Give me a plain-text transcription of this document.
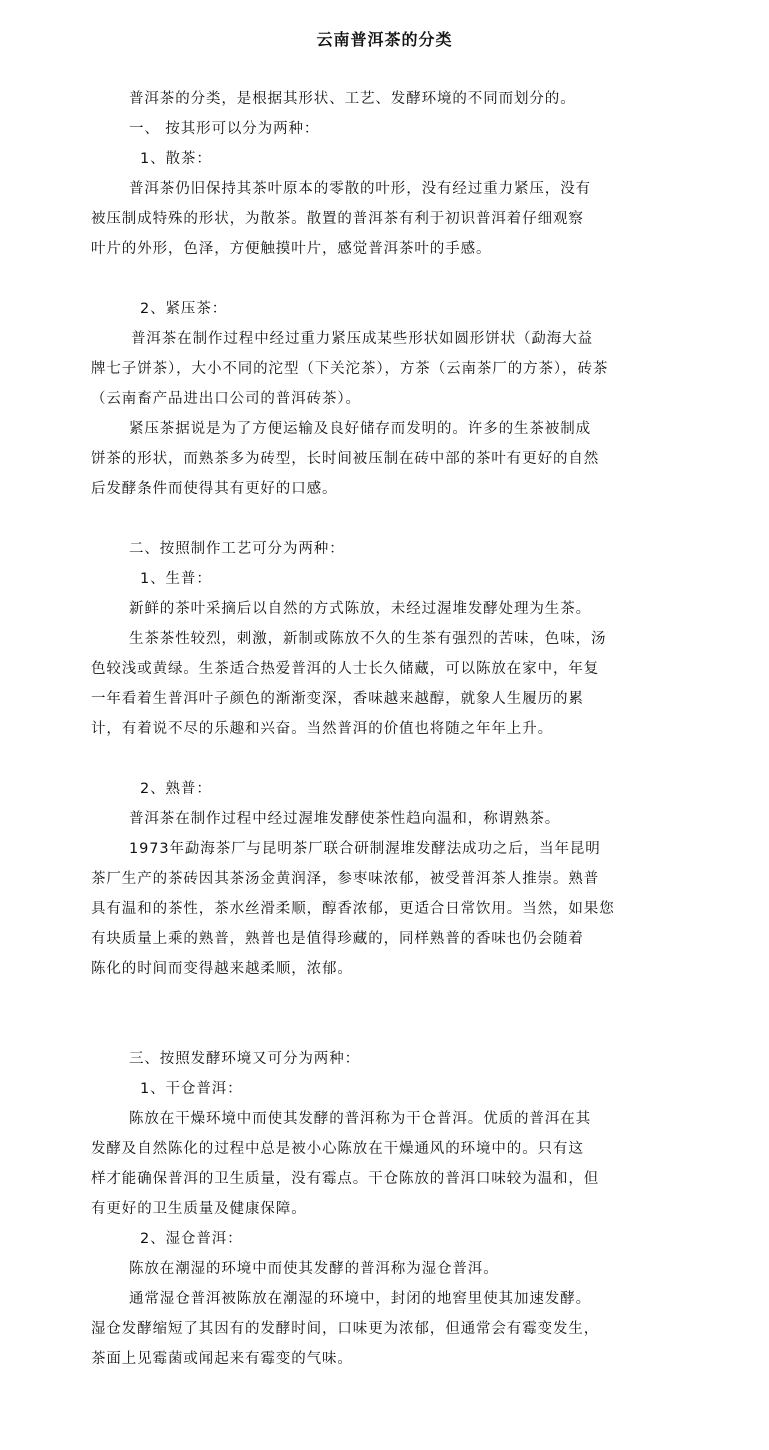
云南普洱茶的分类
普洱茶的分类，是根据其形状、工艺、发酵环境的不同而划分的。
一、 按其形可以分为两种：
1、散茶：
普洱茶仍旧保持其茶叶原本的零散的叶形，没有经过重力紧压，没有
被压制成特殊的形状，为散茶。散置的普洱茶有利于初识普洱着仔细观察
叶片的外形，色泽，方便触摸叶片，感觉普洱茶叶的手感。
2、紧压茶：
普洱茶在制作过程中经过重力紧压成某些形状如圆形饼状（勐海大益
牌七子饼茶），大小不同的沱型（下关沱茶），方茶（云南茶厂的方茶），砖茶
（云南畜产品进出口公司的普洱砖茶）。
紧压茶据说是为了方便运输及良好储存而发明的。许多的生茶被制成
饼茶的形状，而熟茶多为砖型，长时间被压制在砖中部的茶叶有更好的自然
后发酵条件而使得其有更好的口感。
二、按照制作工艺可分为两种：
1、生普：
新鲜的茶叶采摘后以自然的方式陈放，未经过渥堆发酵处理为生茶。
生茶茶性较烈，刺激，新制或陈放不久的生茶有强烈的苦味，色味，汤
色较浅或黄绿。生茶适合热爱普洱的人士长久储藏，可以陈放在家中，年复
一年看着生普洱叶子颜色的渐渐变深，香味越来越醇，就象人生履历的累
计，有着说不尽的乐趣和兴奋。当然普洱的价值也将随之年年上升。
2、熟普：
普洱茶在制作过程中经过渥堆发酵使茶性趋向温和，称谓熟茶。
1973年勐海茶厂与昆明茶厂联合研制渥堆发酵法成功之后，当年昆明
茶厂生产的茶砖因其茶汤金黄润泽，参枣味浓郁，被受普洱茶人推崇。熟普
具有温和的茶性，茶水丝滑柔顺，醇香浓郁，更适合日常饮用。当然，如果您
有块质量上乘的熟普，熟普也是值得珍藏的，同样熟普的香味也仍会随着
陈化的时间而变得越来越柔顺，浓郁。
三、按照发酵环境又可分为两种：
1、干仓普洱：
陈放在干燥环境中而使其发酵的普洱称为干仓普洱。优质的普洱在其
发酵及自然陈化的过程中总是被小心陈放在干燥通风的环境中的。只有这
样才能确保普洱的卫生质量，没有霉点。干仓陈放的普洱口味较为温和，但
有更好的卫生质量及健康保障。
2、湿仓普洱：
陈放在潮湿的环境中而使其发酵的普洱称为湿仓普洱。
通常湿仓普洱被陈放在潮湿的环境中，封闭的地窖里使其加速发酵。
湿仓发酵缩短了其因有的发酵时间，口味更为浓郁，但通常会有霉变发生，
茶面上见霉菌或闻起来有霉变的气味。
